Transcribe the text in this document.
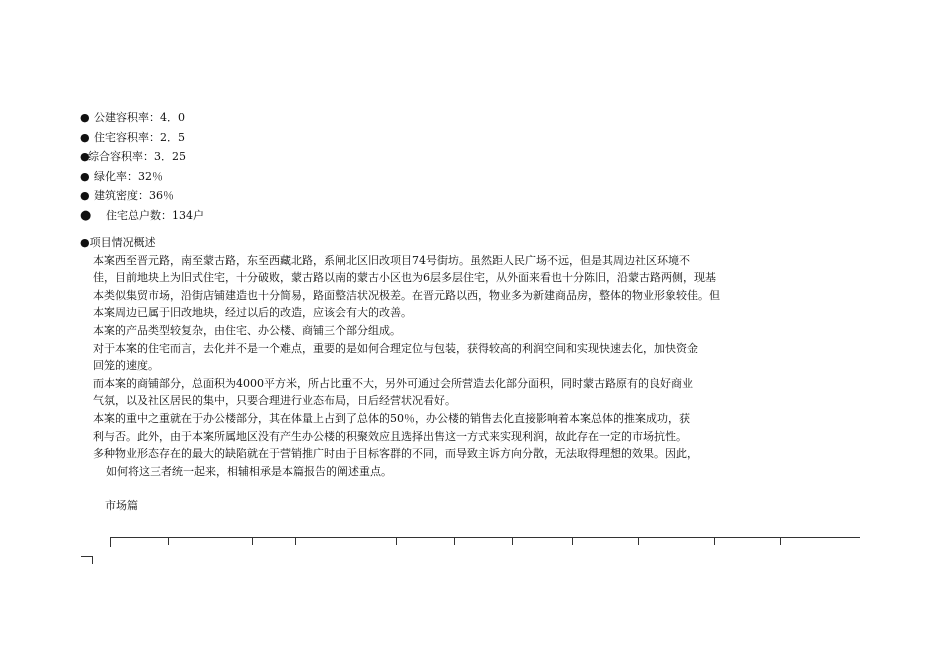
● 公建容积率：4．0
● 住宅容积率：2．5
●综合容积率：3．25
● 绿化率：32％
● 建筑密度：36％
● 住宅总户数：134户
●项目情况概述
本案西至晋元路，南至蒙古路，东至西藏北路，系闸北区旧改项目74号街坊。虽然距人民广场不远，但是其周边社区环境不
佳，目前地块上为旧式住宅，十分破败，蒙古路以南的蒙古小区也为6层多层住宅，从外面来看也十分陈旧，沿蒙古路两侧，现基
本类似集贸市场，沿街店铺建造也十分简易，路面整洁状况极差。在晋元路以西，物业多为新建商品房，整体的物业形象较佳。但
本案周边已属于旧改地块，经过以后的改造，应该会有大的改善。
本案的产品类型较复杂，由住宅、办公楼、商铺三个部分组成。
对于本案的住宅而言，去化并不是一个难点，重要的是如何合理定位与包装，获得较高的利润空间和实现快速去化，加快资金
回笼的速度。
而本案的商铺部分，总面积为4000平方米，所占比重不大，另外可通过会所营造去化部分面积，同时蒙古路原有的良好商业
气氛，以及社区居民的集中，只要合理进行业态布局，日后经营状况看好。
本案的重中之重就在于办公楼部分，其在体量上占到了总体的50％，办公楼的销售去化直接影响着本案总体的推案成功，获
利与否。此外，由于本案所属地区没有产生办公楼的积聚效应且选择出售这一方式来实现利润，故此存在一定的市场抗性。
多种物业形态存在的最大的缺陷就在于营销推广时由于目标客群的不同，而导致主诉方向分散，无法取得理想的效果。因此，
如何将这三者统一起来，相辅相承是本篇报告的阐述重点。
市场篇
